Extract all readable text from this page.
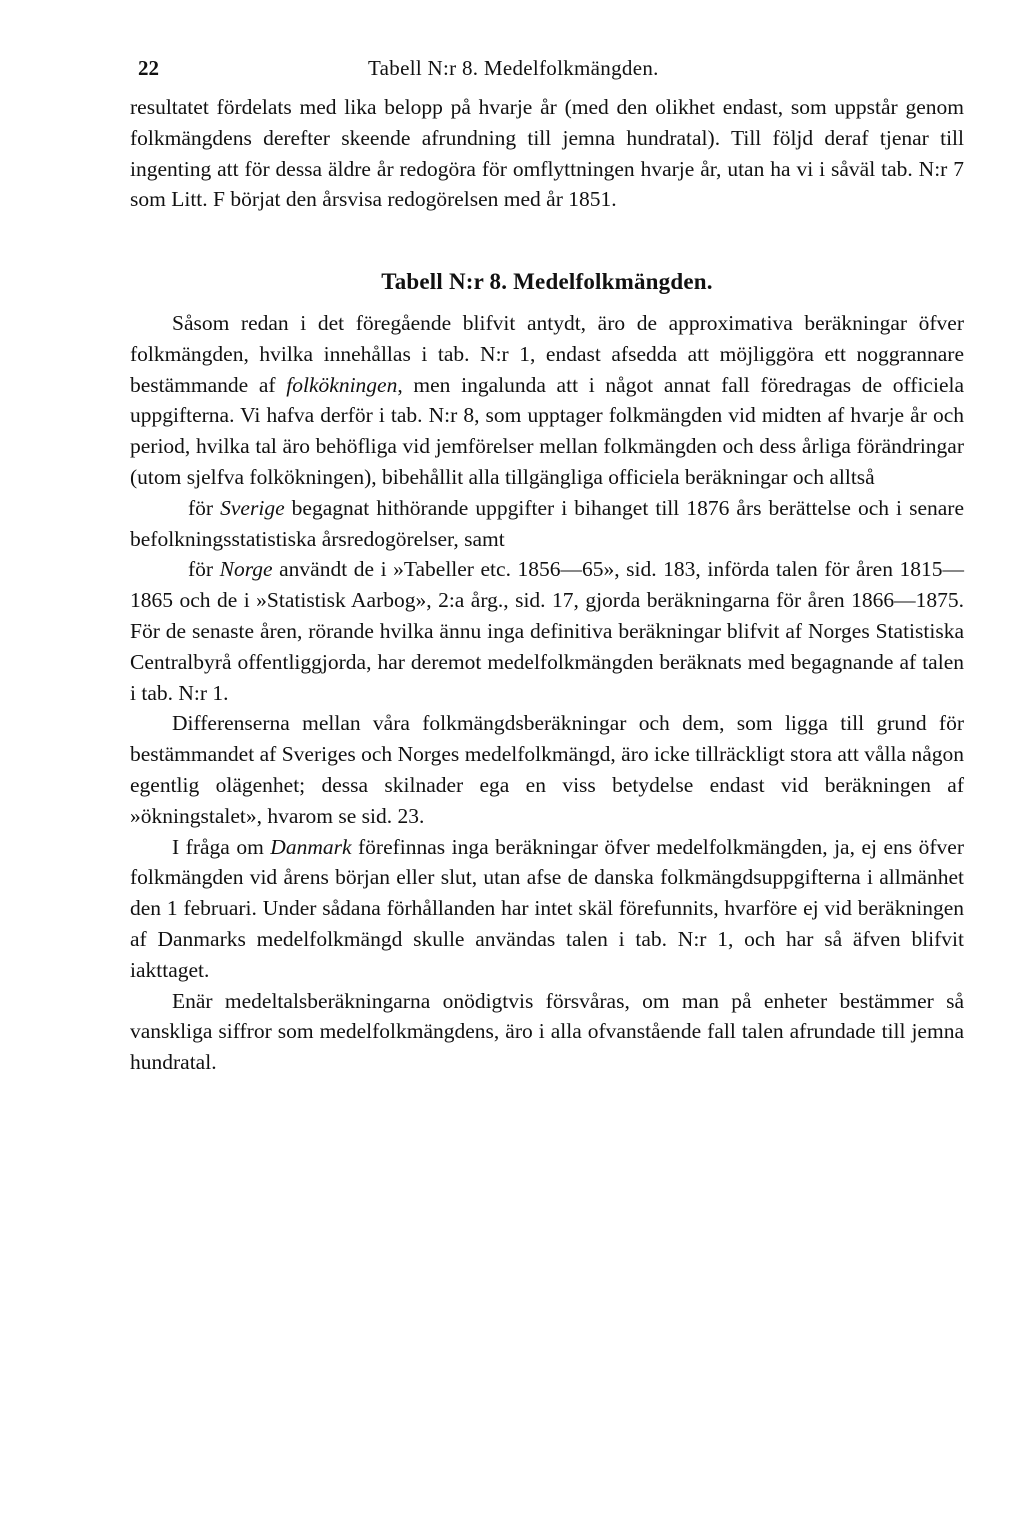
22	Tabell N:r 8. Medelfolkmängden.

resultatet fördelats med lika belopp på hvarje år (med den olikhet endast, som uppstår genom folkmängdens derefter skeende afrundning till jemna hundratal). Till följd deraf tjenar till ingenting att för dessa äldre år redogöra för omflyttningen hvarje år, utan ha vi i såväl tab. N:r 7 som Litt. F börjat den årsvisa redogörelsen med år 1851.

Tabell N:r 8. Medelfolkmängden.

Såsom redan i det föregående blifvit antydt, äro de approximativa beräkningar öfver folkmängden, hvilka innehållas i tab. N:r 1, endast afsedda att möjliggöra ett noggrannare bestämmande af folkökningen, men ingalunda att i något annat fall föredragas de officiela uppgifterna. Vi hafva derför i tab. N:r 8, som upptager folkmängden vid midten af hvarje år och period, hvilka tal äro behöfliga vid jemförelser mellan folkmängden och dess årliga förändringar (utom sjelfva folkökningen), bibehållit alla tillgängliga officiela beräkningar och alltså

för Sverige begagnat hithörande uppgifter i bihanget till 1876 års berättelse och i senare befolkningsstatistiska årsredogörelser, samt

för Norge användt de i »Tabeller etc. 1856—65», sid. 183, införda talen för åren 1815—1865 och de i »Statistisk Aarbog», 2:a årg., sid. 17, gjorda beräkningarna för åren 1866—1875. För de senaste åren, rörande hvilka ännu inga definitiva beräkningar blifvit af Norges Statistiska Centralbyrå offentliggjorda, har deremot medelfolkmängden beräknats med begagnande af talen i tab. N:r 1.

Differenserna mellan våra folkmängdsberäkningar och dem, som ligga till grund för bestämmandet af Sveriges och Norges medelfolkmängd, äro icke tillräckligt stora att vålla någon egentlig olägenhet; dessa skilnader ega en viss betydelse endast vid beräkningen af »ökningstalet», hvarom se sid. 23.

I fråga om Danmark förefinnas inga beräkningar öfver medelfolkmängden, ja, ej ens öfver folkmängden vid årens början eller slut, utan afse de danska folkmängdsuppgifterna i allmänhet den 1 februari. Under sådana förhållanden har intet skäl förefunnits, hvarföre ej vid beräkningen af Danmarks medelfolkmängd skulle användas talen i tab. N:r 1, och har så äfven blifvit iakttaget.

Enär medeltalsberäkningarna onödigtvis försvåras, om man på enheter bestämmer så vanskliga siffror som medelfolkmängdens, äro i alla ofvanstående fall talen afrundade till jemna hundratal.
